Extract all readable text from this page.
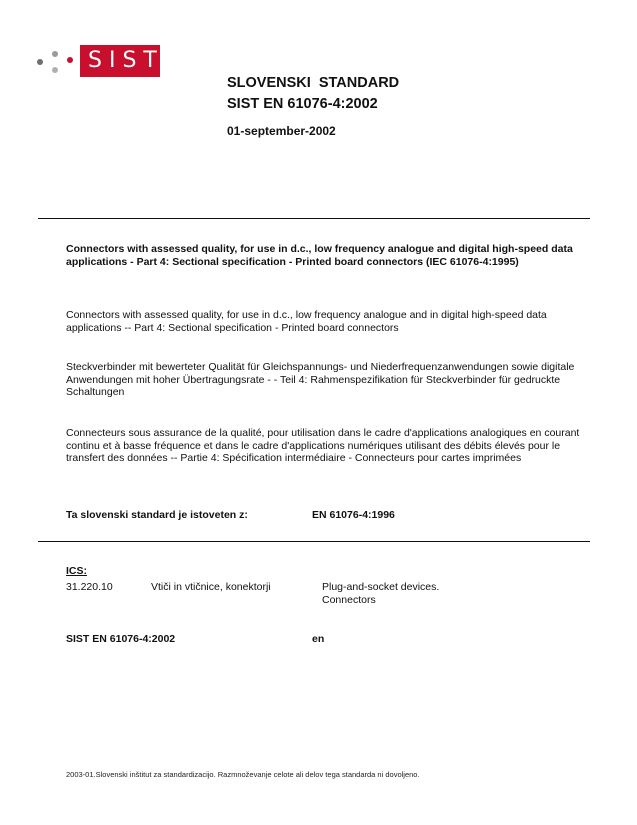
SIST
SLOVENSKI  STANDARD
SIST EN 61076-4:2002
01-september-2002
Connectors with assessed quality, for use in d.c., low frequency analogue and digital high-speed data applications - Part 4: Sectional specification - Printed board connectors (IEC 61076-4:1995)
Connectors with assessed quality, for use in d.c., low frequency analogue and in digital high-speed data applications -- Part 4: Sectional specification - Printed board connectors
Steckverbinder mit bewerteter Qualität für Gleichspannungs- und Niederfrequenzanwendungen sowie digitale Anwendungen mit hoher Übertragungsrate - - Teil 4: Rahmenspezifikation für Steckverbinder für gedruckte Schaltungen
Connecteurs sous assurance de la qualité, pour utilisation dans le cadre d'applications analogiques en courant continu et à basse fréquence et dans le cadre d'applications numériques utilisant des débits élevés pour le transfert des données -- Partie 4: Spécification intermédiaire - Connecteurs pour cartes imprimées
Ta slovenski standard je istoveten z:	EN 61076-4:1996
ICS:
31.220.10	Vtiči in vtičnice, konektorji	Plug-and-socket devices.
Connectors
SIST EN 61076-4:2002	en
2003-01.Slovenski inštitut za standardizacijo. Razmnoževanje celote ali delov tega standarda ni dovoljeno.
